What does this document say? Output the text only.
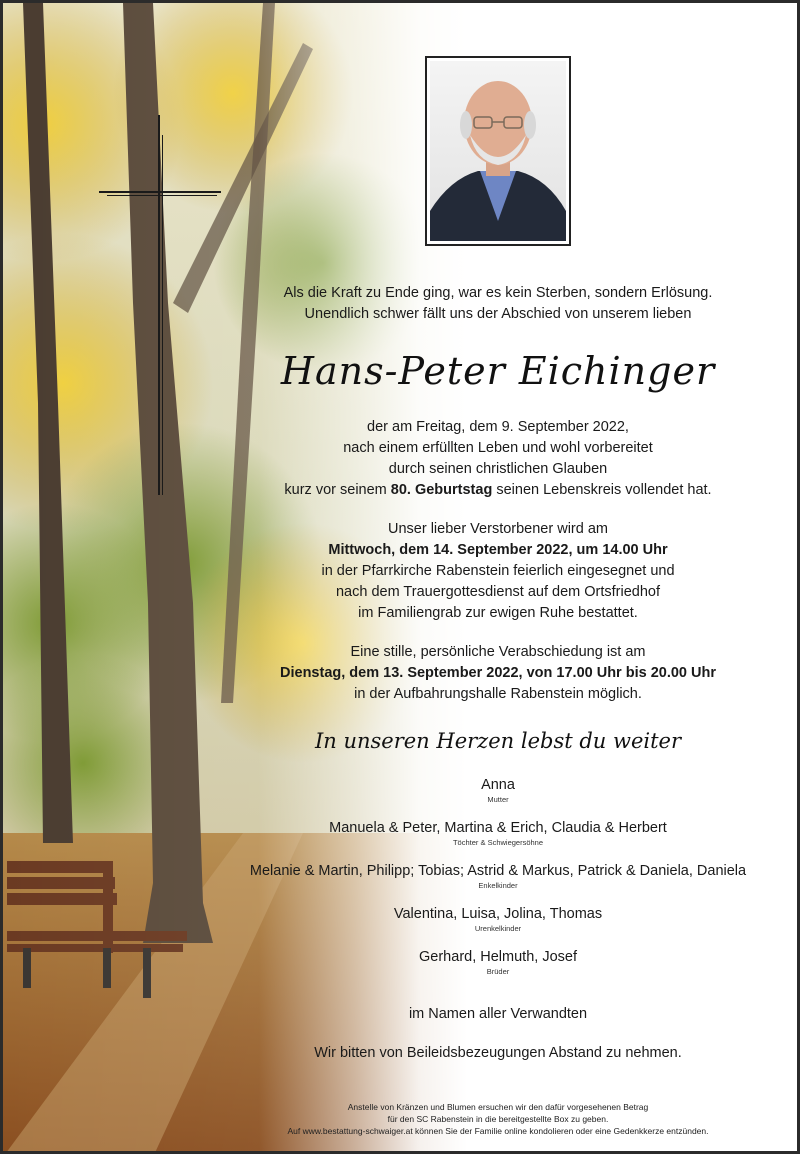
Als die Kraft zu Ende ging, war es kein Sterben, sondern Erlösung.

Unendlich schwer fällt uns der Abschied von unserem lieben

Hans-Peter Eichinger

der am Freitag, dem 9. September 2022,

nach einem erfüllten Leben und wohl vorbereitet

durch seinen christlichen Glauben

kurz vor seinem 80. Geburtstag seinen Lebenskreis vollendet hat.

Unser lieber Verstorbener wird am

Mittwoch, dem 14. September 2022, um 14.00 Uhr

in der Pfarrkirche Rabenstein feierlich eingesegnet und

nach dem Trauergottesdienst auf dem Ortsfriedhof

im Familiengrab zur ewigen Ruhe bestattet.

Eine stille, persönliche Verabschiedung ist am

Dienstag, dem 13. September 2022, von 17.00 Uhr bis 20.00 Uhr

in der Aufbahrungshalle Rabenstein möglich.

In unseren Herzen lebst du weiter

Anna

Mutter

Manuela & Peter, Martina & Erich, Claudia & Herbert

Töchter & Schwiegersöhne

Melanie & Martin, Philipp; Tobias; Astrid & Markus, Patrick & Daniela, Daniela

Enkelkinder

Valentina, Luisa, Jolina, Thomas

Urenkelkinder

Gerhard, Helmuth, Josef

Brüder

im Namen aller Verwandten

Wir bitten von Beileidsbezeugungen Abstand zu nehmen.

Anstelle von Kränzen und Blumen ersuchen wir den dafür vorgesehenen Betrag
für den SC Rabenstein in die bereitgestellte Box zu geben.
Auf www.bestattung-schwaiger.at können Sie der Familie online kondolieren oder eine Gedenkkerze entzünden.
